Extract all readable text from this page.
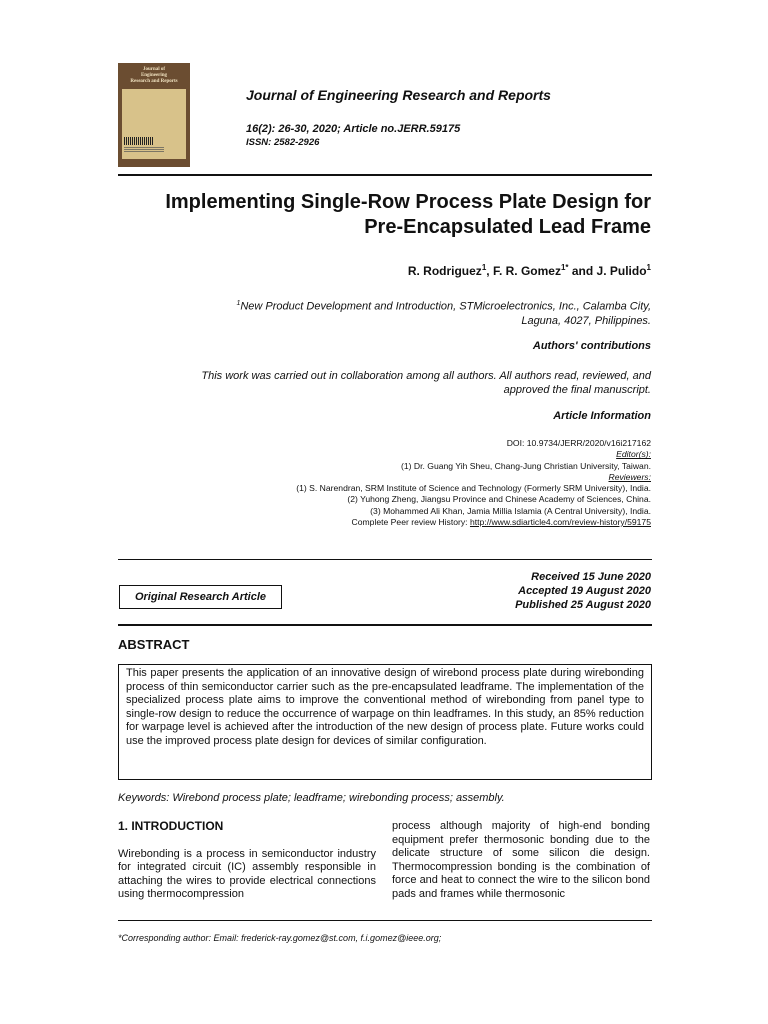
Journal of
Engineering
Research and Reports
Journal of Engineering Research and Reports
16(2): 26-30, 2020; Article no.JERR.59175
ISSN: 2582-2926
Implementing Single-Row Process Plate Design for
Pre-Encapsulated Lead Frame
R. Rodriguez$^1$, F. R. Gomez$^{1*}$ and J. Pulido$^1$
$^1$New Product Development and Introduction, STMicroelectronics, Inc., Calamba City,
Laguna, 4027, Philippines.
Authors' contributions
This work was carried out in collaboration among all authors. All authors read, reviewed, and
approved the final manuscript.
Article Information
DOI: 10.9734/JERR/2020/v16i217162
Editor(s):
(1) Dr. Guang Yih Sheu, Chang-Jung Christian University, Taiwan.
Reviewers:
(1) S. Narendran, SRM Institute of Science and Technology (Formerly SRM University), India.
(2) Yuhong Zheng, Jiangsu Province and Chinese Academy of Sciences, China.
(3) Mohammed Ali Khan, Jamia Millia Islamia (A Central University), India.
Complete Peer review History: http://www.sdiarticle4.com/review-history/59175
Original Research Article
Received 15 June 2020
Accepted 19 August 2020
Published 25 August 2020
ABSTRACT
This paper presents the application of an innovative design of wirebond process plate during wirebonding process of thin semiconductor carrier such as the pre-encapsulated leadframe. The implementation of the specialized process plate aims to improve the conventional method of wirebonding from panel type to single-row design to reduce the occurrence of warpage on thin leadframes. In this study, an 85% reduction for warpage level is achieved after the introduction of the new design of process plate. Future works could use the improved process plate design for devices of similar configuration.
Keywords: Wirebond process plate; leadframe; wirebonding process; assembly.
1. INTRODUCTION

Wirebonding is a process in semiconductor industry for integrated circuit (IC) assembly responsible in attaching the wires to provide electrical connections using thermocompression

process although majority of high-end bonding equipment prefer thermosonic bonding due to the delicate structure of some silicon die design. Thermocompression bonding is the combination of force and heat to connect the wire to the silicon bond pads and frames while thermosonic

*Corresponding author: Email: frederick-ray.gomez@st.com, f.i.gomez@ieee.org;
